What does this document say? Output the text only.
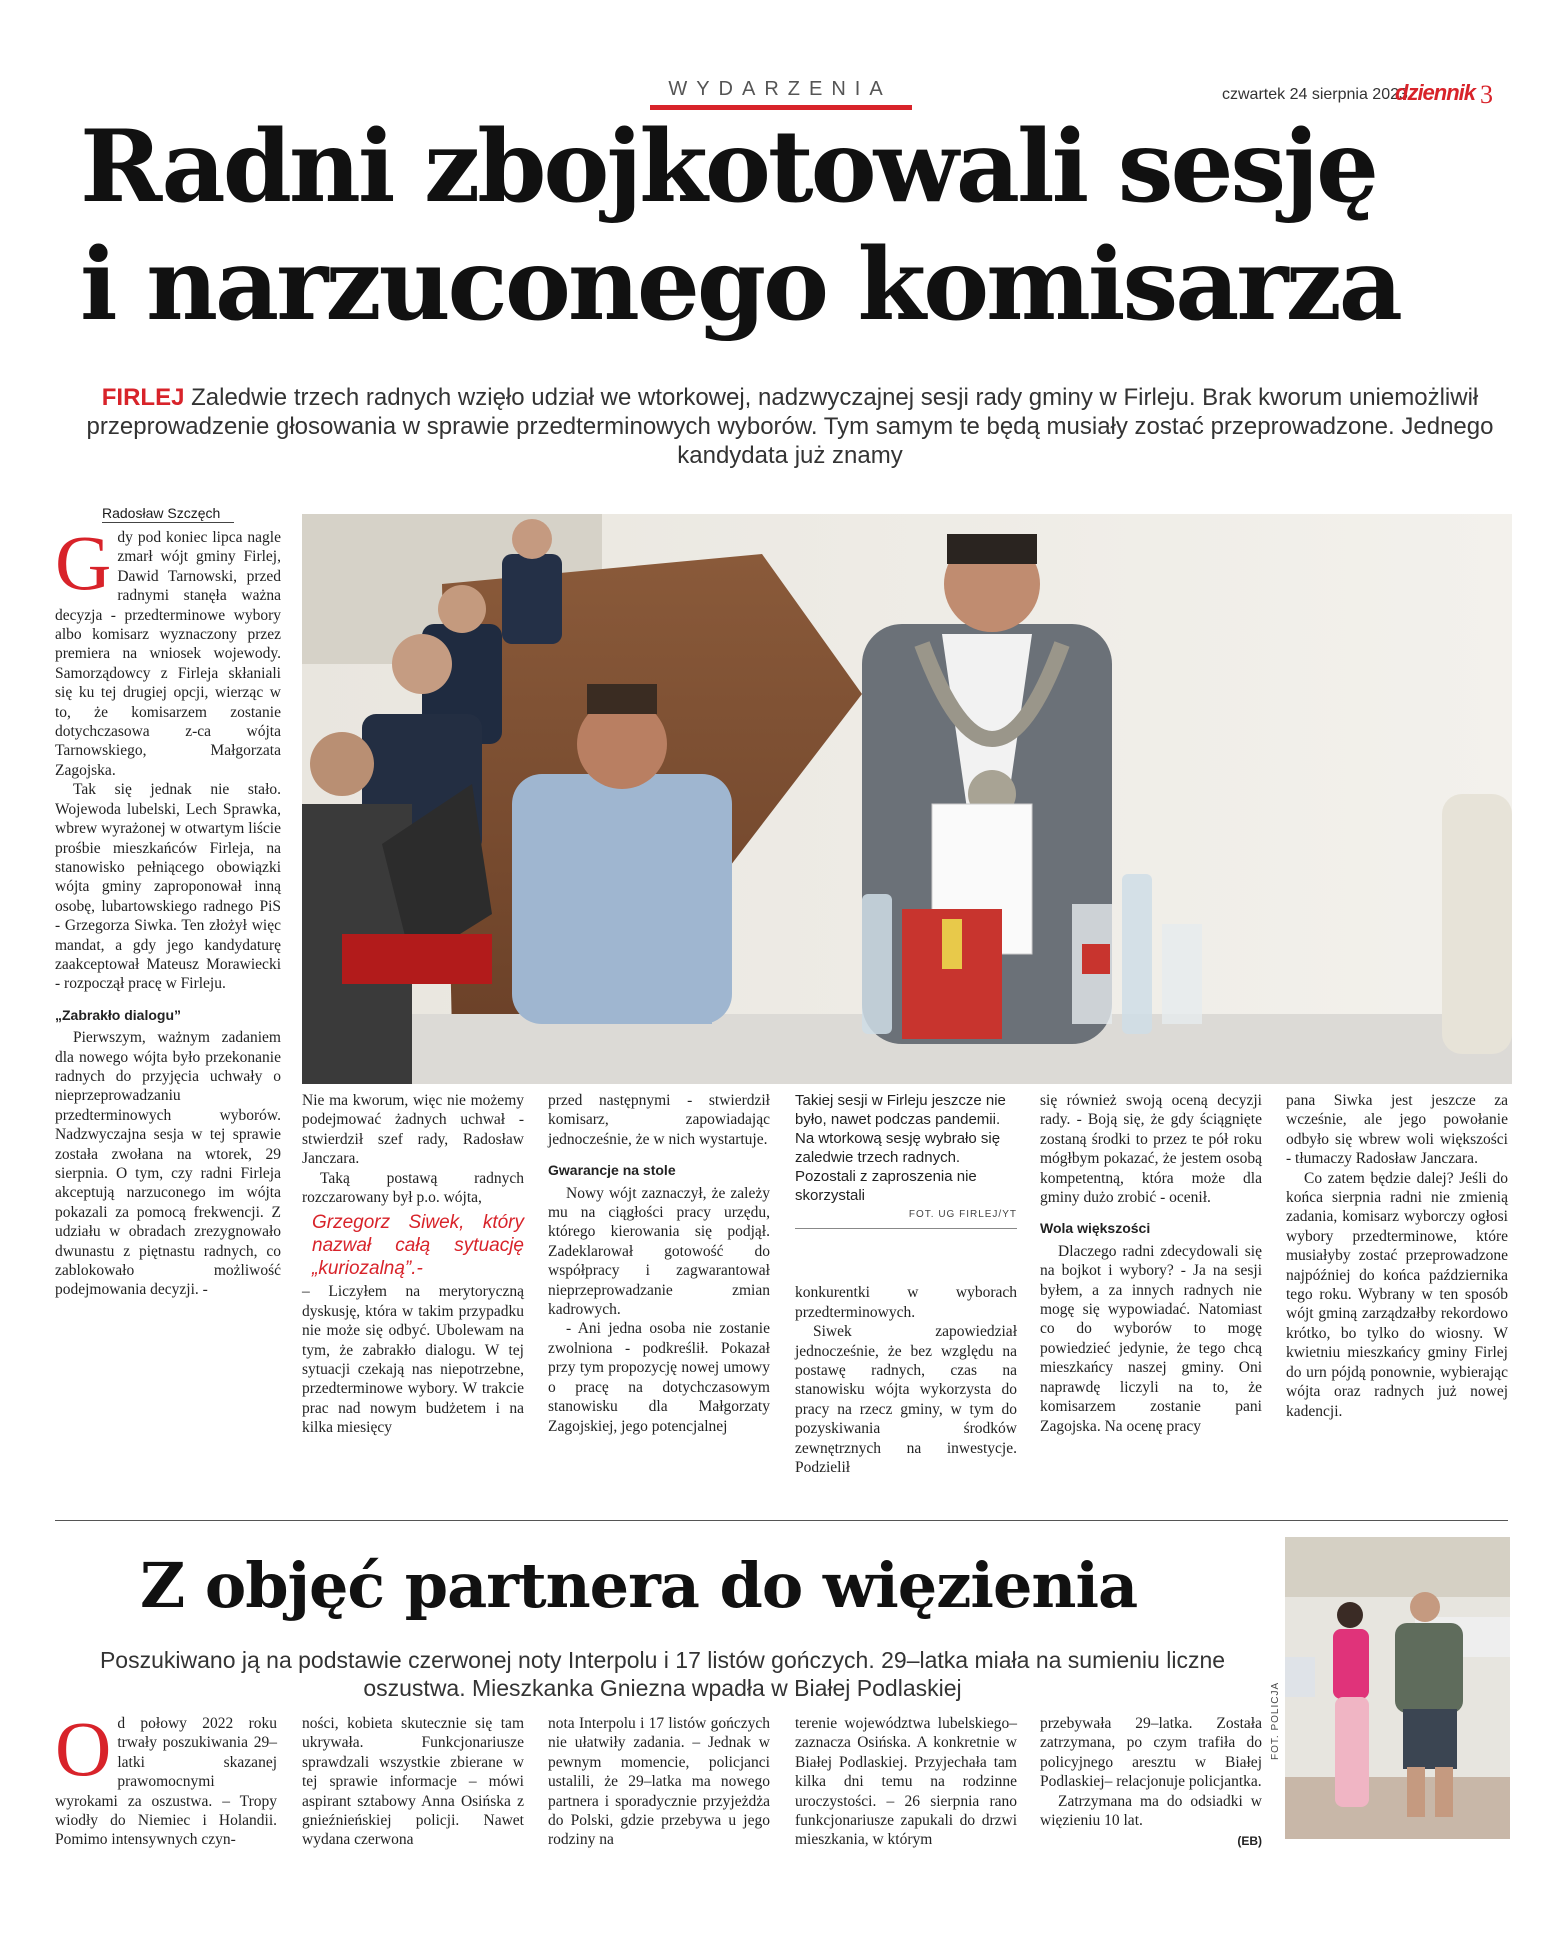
WYDARZENIA	czwartek 24 sierpnia 2023
dziennik 3
Radni zbojkotowali sesję
i narzuconego komisarza
FIRLEJ Zaledwie trzech radnych wzięło udział we wtorkowej, nadzwyczajnej sesji rady gminy w Firleju. Brak kworum uniemożliwił przeprowadzenie głosowania w sprawie przedterminowych wyborów. Tym samym te będą musiały zostać przeprowadzone. Jednego kandydata już znamy
Radosław Szczęch

Gdy pod koniec lipca nagle zmarł wójt gminy Firlej, Dawid Tarnowski, przed radnymi stanęła ważna decyzja - przedterminowe wybory albo komisarz wyznaczony przez premiera na wniosek wojewody. Samorządowcy z Firleja skłaniali się ku tej drugiej opcji, wierząc w to, że komisarzem zostanie dotychczasowa z-ca wójta Tarnowskiego, Małgorzata Zagojska.

Tak się jednak nie stało. Wojewoda lubelski, Lech Sprawka, wbrew wyrażonej w otwartym liście prośbie mieszkańców Firleja, na stanowisko pełniącego obowiązki wójta gminy zaproponował inną osobę, lubartowskiego radnego PiS - Grzegorza Siwka. Ten złożył więc mandat, a gdy jego kandydaturę zaakceptował Mateusz Morawiecki - rozpoczął pracę w Firleju.

„Zabrakło dialogu”

Pierwszym, ważnym zadaniem dla nowego wójta było przekonanie radnych do przyjęcia uchwały o nieprzeprowadzaniu przedterminowych wyborów. Nadzwyczajna sesja w tej sprawie została zwołana na wtorek, 29 sierpnia. O tym, czy radni Firleja akceptują narzuconego im wójta pokazali za pomocą frekwencji. Z udziału w obradach zrezygnowało dwunastu z piętnastu radnych, co zablokowało możliwość podejmowania decyzji. -

Nie ma kworum, więc nie możemy podejmować żadnych uchwał - stwierdził szef rady, Radosław Janczara.

Taką postawą radnych rozczarowany był p.o. wójta,

”
Grzegorz Siwek, który nazwał całą sytuację „kuriozalną”.-

– Liczyłem na merytoryczną dyskusję, która w takim przypadku nie może się odbyć. Ubolewam na tym, że zabrakło dialogu. W tej sytuacji czekają nas niepotrzebne, przedterminowe wybory. W trakcie prac nad nowym budżetem i na kilka miesięcy

przed następnymi - stwierdził komisarz, zapowiadając jednocześnie, że w nich wystartuje.

Gwarancje na stole

Nowy wójt zaznaczył, że zależy mu na ciągłości pracy urzędu, którego kierowania się podjął. Zadeklarował gotowość do współpracy i zagwarantował nieprzeprowadzanie zmian kadrowych.

- Ani jedna osoba nie zostanie zwolniona - podkreślił. Pokazał przy tym propozycję nowej umowy o pracę na dotychczasowym stanowisku dla Małgorzaty Zagojskiej, jego potencjalnej

Takiej sesji w Firleju jeszcze nie było, nawet podczas pandemii. Na wtorkową sesję wybrało się zaledwie trzech radnych. Pozostali z zaproszenia nie skorzystali
FOT. UG FIRLEJ/YT

konkurentki w wyborach przedterminowych.

Siwek zapowiedział jednocześnie, że bez względu na postawę radnych, czas na stanowisku wójta wykorzysta do pracy na rzecz gminy, w tym do pozyskiwania środków zewnętrznych na inwestycje. Podzielił

się również swoją oceną decyzji rady. - Boją się, że gdy ściągnięte zostaną środki to przez te pół roku mógłbym pokazać, że jestem osobą kompetentną, która może dla gminy dużo zrobić - ocenił.

Wola większości

Dlaczego radni zdecydowali się na bojkot i wybory? - Ja na sesji byłem, a za innych radnych nie mogę się wypowiadać. Natomiast co do wyborów to mogę powiedzieć jedynie, że tego chcą mieszkańcy naszej gminy. Oni naprawdę liczyli na to, że komisarzem zostanie pani Zagojska. Na ocenę pracy

pana Siwka jest jeszcze za wcześnie, ale jego powołanie odbyło się wbrew woli większości - tłumaczy Radosław Janczara.

Co zatem będzie dalej? Jeśli do końca sierpnia radni nie zmienią zadania, komisarz wyborczy ogłosi wybory przedterminowe, które musiałyby zostać przeprowadzone najpóźniej do końca października tego roku. Wybrany w ten sposób wójt gminą zarządzałby rekordowo krótko, bo tylko do wiosny. W kwietniu mieszkańcy gminy Firlej do urn pójdą ponownie, wybierając wójta oraz radnych już nowej kadencji.

Z objęć partnera do więzienia
Poszukiwano ją na podstawie czerwonej noty Interpolu i 17 listów gończych. 29–latka miała na sumieniu liczne oszustwa. Mieszkanka Gniezna wpadła w Białej Podlaskiej	FOT. POLICJA

Od połowy 2022 roku trwały poszukiwania 29–latki skazanej prawomocnymi wyrokami za oszustwa. – Tropy wiodły do Niemiec i Holandii. Pomimo intensywnych czyn-

ności, kobieta skutecznie się tam ukrywała. Funkcjonariusze sprawdzali wszystkie zbierane w tej sprawie informacje – mówi aspirant sztabowy Anna Osińska z gnieźnieńskiej policji. Nawet wydana czerwona

nota Interpolu i 17 listów gończych nie ułatwiły zadania. – Jednak w pewnym momencie, policjanci ustalili, że 29–latka ma nowego partnera i sporadycznie przyjeżdża do Polski, gdzie przebywa u jego rodziny na

terenie województwa lubelskiego– zaznacza Osińska. A konkretnie w Białej Podlaskiej. Przyjechała tam kilka dni temu na rodzinne uroczystości. – 26 sierpnia rano funkcjonariusze zapukali do drzwi mieszkania, w którym

przebywała 29–latka. Została zatrzymana, po czym trafiła do policyjnego aresztu w Białej Podlaskiej– relacjonuje policjantka.

Zatrzymana ma do odsiadki w więzieniu 10 lat.

(EB)
